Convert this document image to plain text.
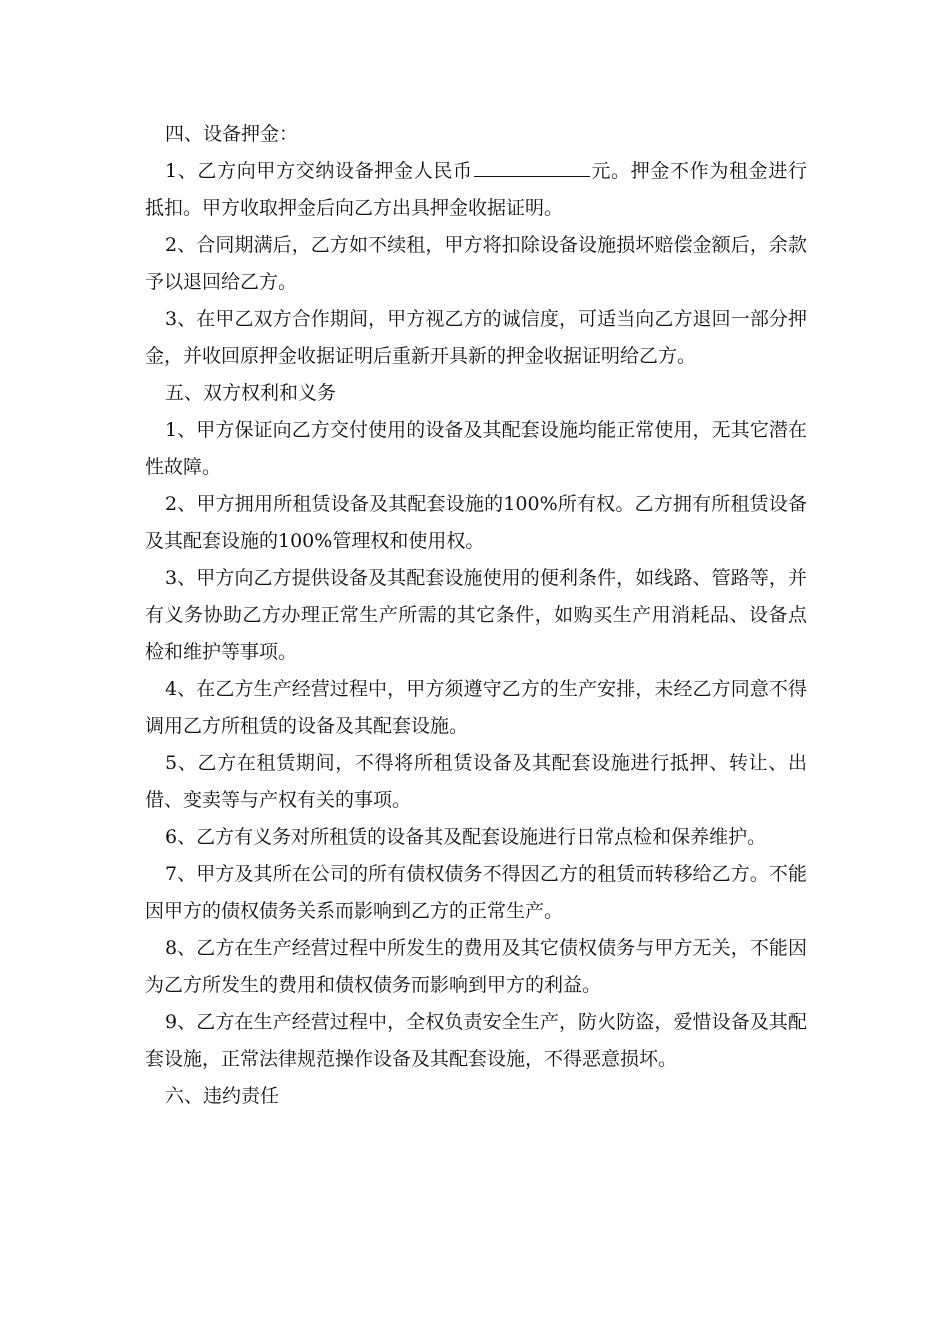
四、设备押金：

1、乙方向甲方交纳设备押金人民币	元。押金不作为租金进行抵扣。甲方收取押金后向乙方出具押金收据证明。

2、合同期满后，乙方如不续租，甲方将扣除设备设施损坏赔偿金额后，余款予以退回给乙方。

3、在甲乙双方合作期间，甲方视乙方的诚信度，可适当向乙方退回一部分押金，并收回原押金收据证明后重新开具新的押金收据证明给乙方。

五、双方权利和义务

1、甲方保证向乙方交付使用的设备及其配套设施均能正常使用，无其它潜在性故障。

2、甲方拥用所租赁设备及其配套设施的100%所有权。乙方拥有所租赁设备及其配套设施的100%管理权和使用权。

3、甲方向乙方提供设备及其配套设施使用的便利条件，如线路、管路等，并有义务协助乙方办理正常生产所需的其它条件，如购买生产用消耗品、设备点检和维护等事项。

4、在乙方生产经营过程中，甲方须遵守乙方的生产安排，未经乙方同意不得调用乙方所租赁的设备及其配套设施。

5、乙方在租赁期间，不得将所租赁设备及其配套设施进行抵押、转让、出借、变卖等与产权有关的事项。

6、乙方有义务对所租赁的设备其及配套设施进行日常点检和保养维护。

7、甲方及其所在公司的所有债权债务不得因乙方的租赁而转移给乙方。不能因甲方的债权债务关系而影响到乙方的正常生产。

8、乙方在生产经营过程中所发生的费用及其它债权债务与甲方无关，不能因为乙方所发生的费用和债权债务而影响到甲方的利益。

9、乙方在生产经营过程中，全权负责安全生产，防火防盗，爱惜设备及其配套设施，正常法律规范操作设备及其配套设施，不得恶意损坏。

六、违约责任
